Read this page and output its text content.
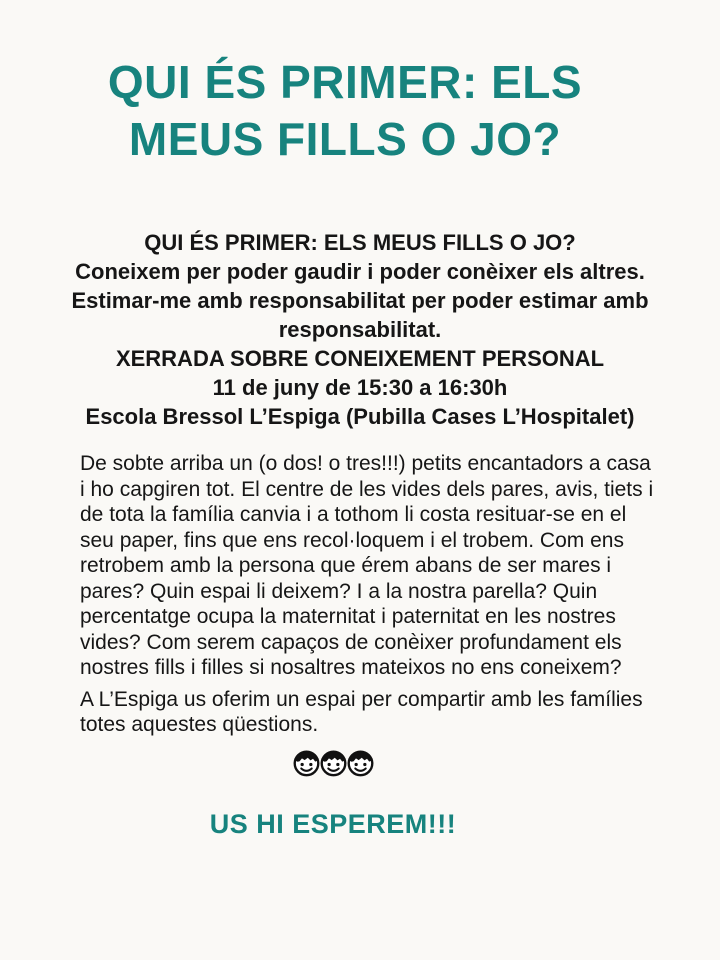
QUI ÉS PRIMER: ELS
MEUS FILLS O JO?
QUI ÉS PRIMER: ELS MEUS FILLS O JO?
Coneixem per poder gaudir i poder conèixer els altres.
Estimar-me amb responsabilitat per poder estimar amb responsabilitat.
XERRADA SOBRE CONEIXEMENT PERSONAL
11 de juny de 15:30 a 16:30h
Escola Bressol L’Espiga (Pubilla Cases L’Hospitalet)

De sobte arriba un (o dos! o tres!!!) petits encantadors a casa i ho capgiren tot. El centre de les vides dels pares, avis, tiets i de tota la família canvia i a tothom li costa resituar-se en el seu paper, fins que ens recol·loquem i el trobem. Com ens retrobem amb la persona que érem abans de ser mares i pares? Quin espai li deixem? I a la nostra parella? Quin percentatge ocupa la maternitat i paternitat en les nostres vides? Com serem capaços de conèixer profundament els nostres fills i filles si nosaltres mateixos no ens coneixem?

A L’Espiga us oferim un espai per compartir amb les famílies totes aquestes qüestions.

US HI ESPEREM!!!
